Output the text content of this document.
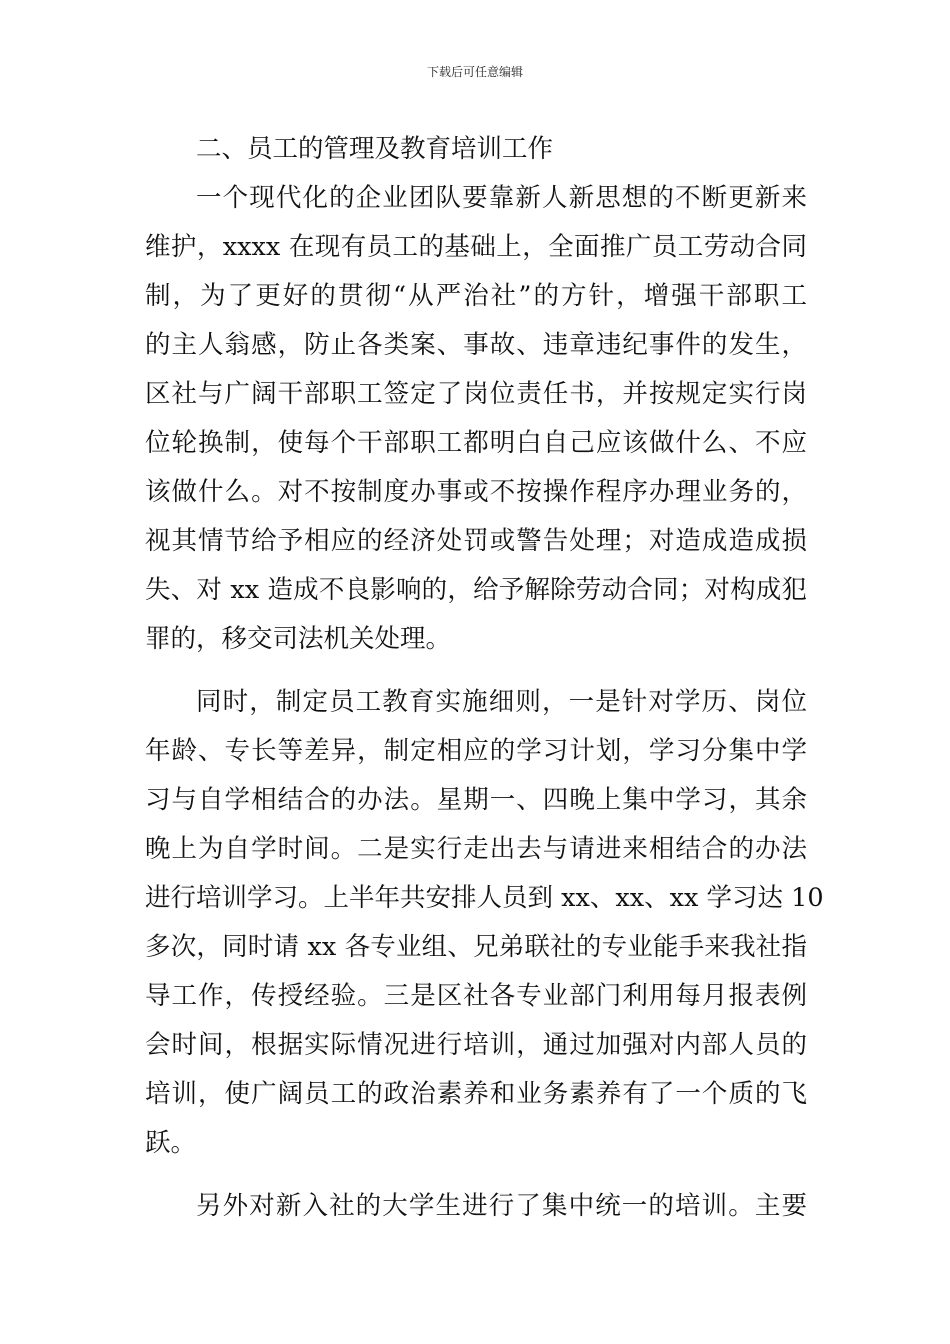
下载后可任意编辑
二、员工的管理及教育培训工作
一个现代化的企业团队要靠新人新思想的不断更新来
维护，xxxx 在现有员工的基础上，全面推广员工劳动合同
制，为了更好的贯彻“从严治社”的方针，增强干部职工
的主人翁感，防止各类案、事故、违章违纪事件的发生，
区社与广阔干部职工签定了岗位责任书，并按规定实行岗
位轮换制，使每个干部职工都明白自己应该做什么、不应
该做什么。对不按制度办事或不按操作程序办理业务的，
视其情节给予相应的经济处罚或警告处理；对造成造成损
失、对 xx 造成不良影响的，给予解除劳动合同；对构成犯
罪的，移交司法机关处理。
同时，制定员工教育实施细则，一是针对学历、岗位
年龄、专长等差异，制定相应的学习计划，学习分集中学
习与自学相结合的办法。星期一、四晚上集中学习，其余
晚上为自学时间。二是实行走出去与请进来相结合的办法
进行培训学习。上半年共安排人员到 xx、xx、xx 学习达 10
多次，同时请 xx 各专业组、兄弟联社的专业能手来我社指
导工作，传授经验。三是区社各专业部门利用每月报表例
会时间，根据实际情况进行培训，通过加强对内部人员的
培训，使广阔员工的政治素养和业务素养有了一个质的飞
跃。
另外对新入社的大学生进行了集中统一的培训。主要
